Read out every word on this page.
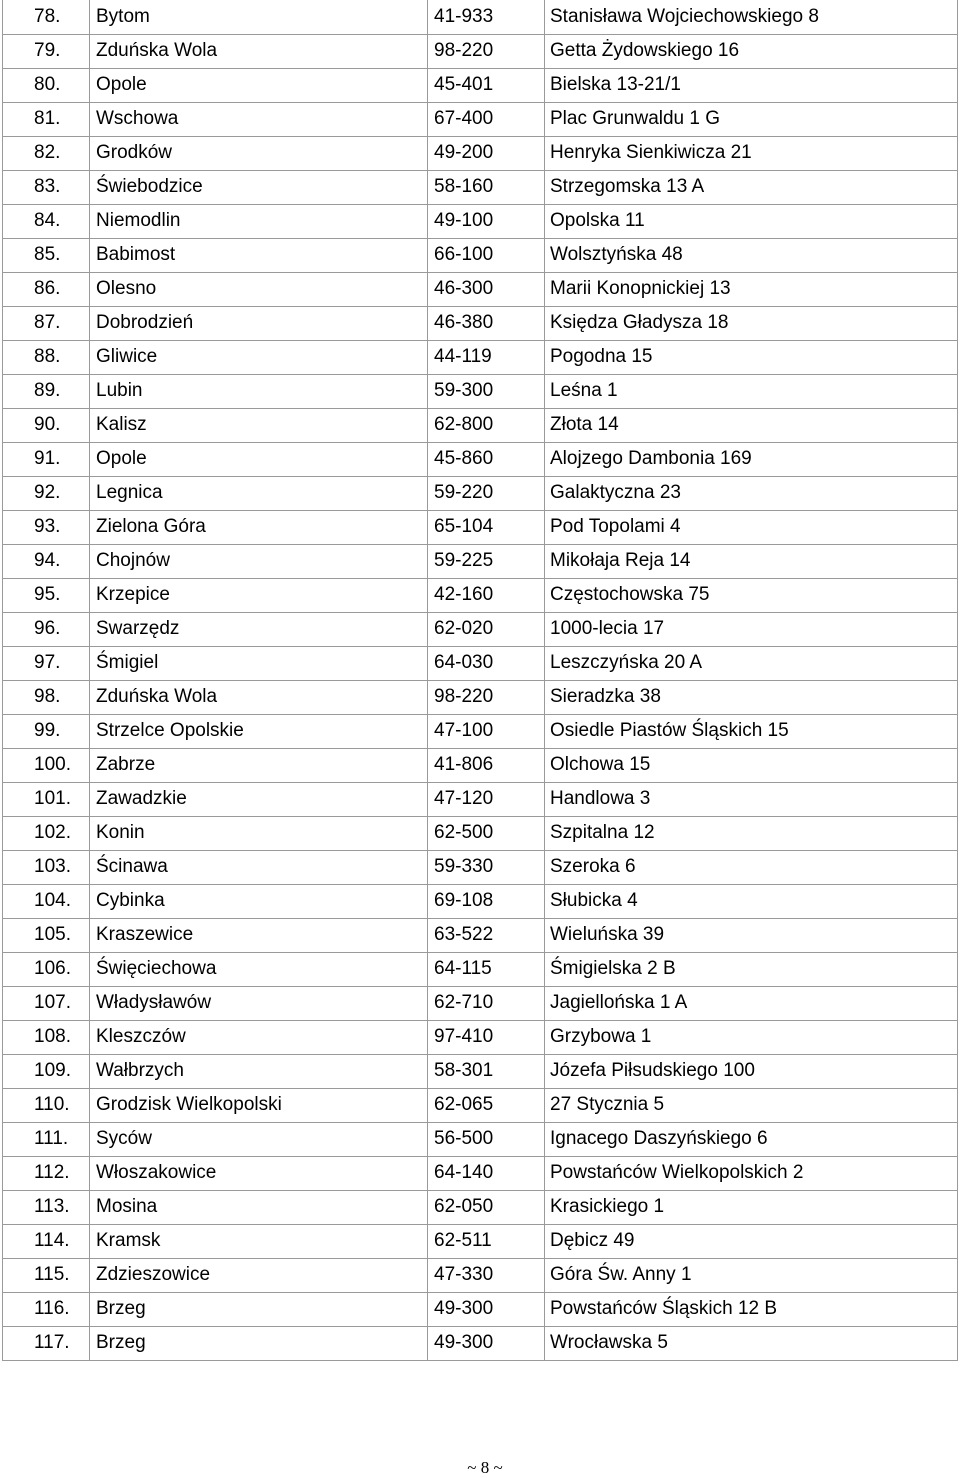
78.	Bytom	41-933	Stanisława Wojciechowskiego 8
79.	Zduńska Wola	98-220	Getta Żydowskiego 16
80.	Opole	45-401	Bielska 13-21/1
81.	Wschowa	67-400	Plac Grunwaldu 1 G
82.	Grodków	49-200	Henryka Sienkiwicza 21
83.	Świebodzice	58-160	Strzegomska 13 A
84.	Niemodlin	49-100	Opolska 11
85.	Babimost	66-100	Wolsztyńska 48
86.	Olesno	46-300	Marii Konopnickiej 13
87.	Dobrodzień	46-380	Księdza Gładysza 18
88.	Gliwice	44-119	Pogodna 15
89.	Lubin	59-300	Leśna 1
90.	Kalisz	62-800	Złota 14
91.	Opole	45-860	Alojzego Dambonia 169
92.	Legnica	59-220	Galaktyczna 23
93.	Zielona Góra	65-104	Pod Topolami 4
94.	Chojnów	59-225	Mikołaja Reja 14
95.	Krzepice	42-160	Częstochowska 75
96.	Swarzędz	62-020	1000-lecia 17
97.	Śmigiel	64-030	Leszczyńska 20 A
98.	Zduńska Wola	98-220	Sieradzka 38
99.	Strzelce Opolskie	47-100	Osiedle Piastów Śląskich 15
100.	Zabrze	41-806	Olchowa 15
101.	Zawadzkie	47-120	Handlowa 3
102.	Konin	62-500	Szpitalna 12
103.	Ścinawa	59-330	Szeroka 6
104.	Cybinka	69-108	Słubicka 4
105.	Kraszewice	63-522	Wieluńska 39
106.	Święciechowa	64-115	Śmigielska 2 B
107.	Władysławów	62-710	Jagiellońska 1 A
108.	Kleszczów	97-410	Grzybowa 1
109.	Wałbrzych	58-301	Józefa Piłsudskiego 100
110.	Grodzisk Wielkopolski	62-065	27 Stycznia 5
111.	Syców	56-500	Ignacego Daszyńskiego 6
112.	Włoszakowice	64-140	Powstańców Wielkopolskich 2
113.	Mosina	62-050	Krasickiego 1
114.	Kramsk	62-511	Dębicz 49
115.	Zdzieszowice	47-330	Góra Św. Anny 1
116.	Brzeg	49-300	Powstańców Śląskich 12 B
117.	Brzeg	49-300	Wrocławska 5
~ 8 ~
